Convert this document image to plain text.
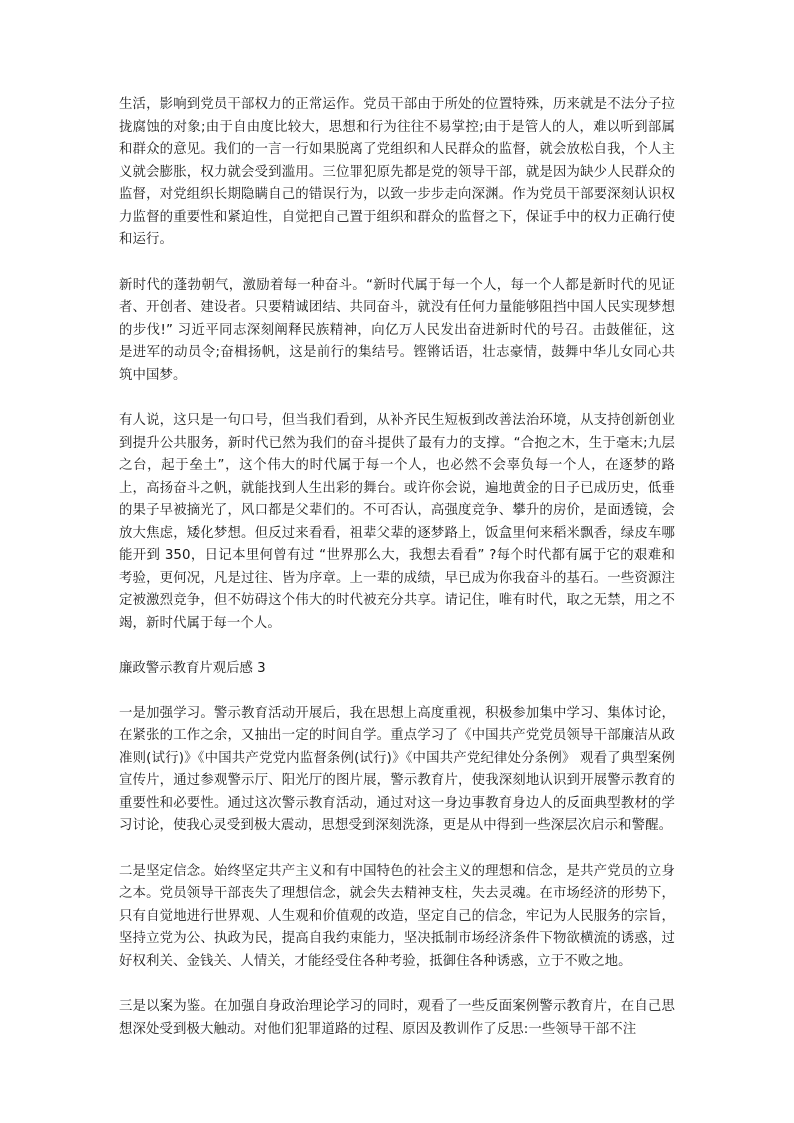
生活，影响到党员干部权力的正常运作。党员干部由于所处的位置特殊，历来就是不法分子拉拢腐蚀的对象;由于自由度比较大，思想和行为往往不易掌控;由于是管人的人，难以听到部属和群众的意见。我们的一言一行如果脱离了党组织和人民群众的监督，就会放松自我，个人主义就会膨胀，权力就会受到滥用。三位罪犯原先都是党的领导干部，就是因为缺少人民群众的监督，对党组织长期隐瞒自己的错误行为，以致一步步走向深渊。作为党员干部要深刻认识权力监督的重要性和紧迫性，自觉把自己置于组织和群众的监督之下，保证手中的权力正确行使和运行。

新时代的蓬勃朝气，激励着每一种奋斗。“新时代属于每一个人，每一个人都是新时代的见证者、开创者、建设者。只要精诚团结、共同奋斗，就没有任何力量能够阻挡中国人民实现梦想的步伐!” 习近平同志深刻阐释民族精神，向亿万人民发出奋进新时代的号召。击鼓催征，这是进军的动员令;奋楫扬帆，这是前行的集结号。铿锵话语，壮志豪情，鼓舞中华儿女同心共筑中国梦。

有人说，这只是一句口号，但当我们看到，从补齐民生短板到改善法治环境，从支持创新创业到提升公共服务，新时代已然为我们的奋斗提供了最有力的支撑。“合抱之木，生于毫末;九层之台，起于垒土”，这个伟大的时代属于每一个人，也必然不会辜负每一个人，在逐梦的路上，高扬奋斗之帆，就能找到人生出彩的舞台。或许你会说，遍地黄金的日子已成历史，低垂的果子早被摘光了，风口都是父辈们的。不可否认，高强度竞争、攀升的房价，是面透镜，会放大焦虑，矮化梦想。但反过来看看，祖辈父辈的逐梦路上，饭盒里何来稻米飘香，绿皮车哪能开到 350，日记本里何曾有过 “世界那么大，我想去看看” ?每个时代都有属于它的艰难和考验，更何况，凡是过往、皆为序章。上一辈的成绩，早已成为你我奋斗的基石。一些资源注定被激烈竞争，但不妨碍这个伟大的时代被充分共享。请记住，唯有时代，取之无禁，用之不竭，新时代属于每一个人。

廉政警示教育片观后感 3

一是加强学习。警示教育活动开展后，我在思想上高度重视，积极参加集中学习、集体讨论，在紧张的工作之余，又抽出一定的时间自学。重点学习了《中国共产党党员领导干部廉洁从政准则(试行)》《中国共产党党内监督条例(试行)》《中国共产党纪律处分条例》 观看了典型案例宣传片，通过参观警示厅、阳光厅的图片展，警示教育片，使我深刻地认识到开展警示教育的重要性和必要性。通过这次警示教育活动，通过对这一身边事教育身边人的反面典型教材的学习讨论，使我心灵受到极大震动，思想受到深刻洗涤，更是从中得到一些深层次启示和警醒。

二是坚定信念。始终坚定共产主义和有中国特色的社会主义的理想和信念，是共产党员的立身之本。党员领导干部丧失了理想信念，就会失去精神支柱，失去灵魂。在市场经济的形势下，只有自觉地进行世界观、人生观和价值观的改造，坚定自己的信念，牢记为人民服务的宗旨，坚持立党为公、执政为民，提高自我约束能力，坚决抵制市场经济条件下物欲横流的诱惑，过好权利关、金钱关、人情关，才能经受住各种考验，抵御住各种诱惑，立于不败之地。

三是以案为鉴。在加强自身政治理论学习的同时，观看了一些反面案例警示教育片，在自己思想深处受到极大触动。对他们犯罪道路的过程、原因及教训作了反思:一些领导干部不注
